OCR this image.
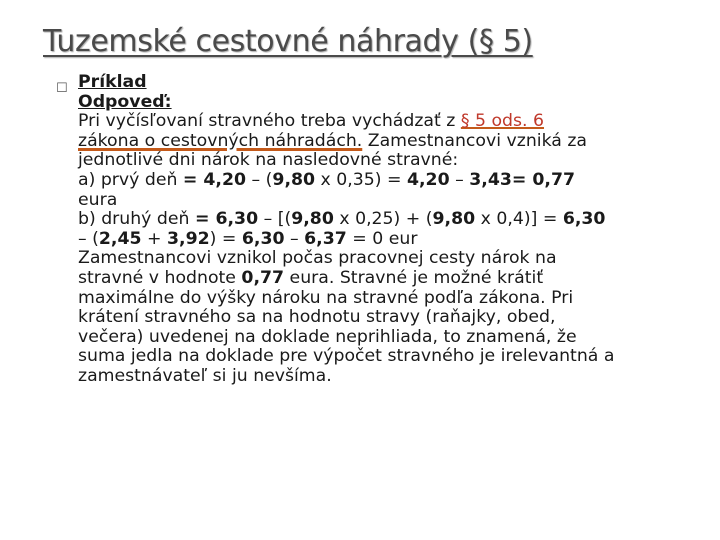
Tuzemské cestovné náhrady (§ 5)
☐ Príklad
Odpoveď:
Pri vyčísľovaní stravného treba vychádzať z § 5 ods. 6
zákona o cestovných náhradách. Zamestnancovi vzniká za
jednotlivé dni nárok na nasledovné stravné:
a) prvý deň = 4,20 – (9,80 x 0,35) = 4,20 – 3,43= 0,77
eura
b) druhý deň = 6,30 – [(9,80 x 0,25) + (9,80 x 0,4)] = 6,30
– (2,45 + 3,92) = 6,30 – 6,37 = 0 eur
Zamestnancovi vznikol počas pracovnej cesty nárok na
stravné v hodnote 0,77 eura. Stravné je možné krátiť
maximálne do výšky nároku na stravné podľa zákona. Pri
krátení stravného sa na hodnotu stravy (raňajky, obed,
večera) uvedenej na doklade neprihliada, to znamená, že
suma jedla na doklade pre výpočet stravného je irelevantná a
zamestnávateľ si ju nevšíma.
